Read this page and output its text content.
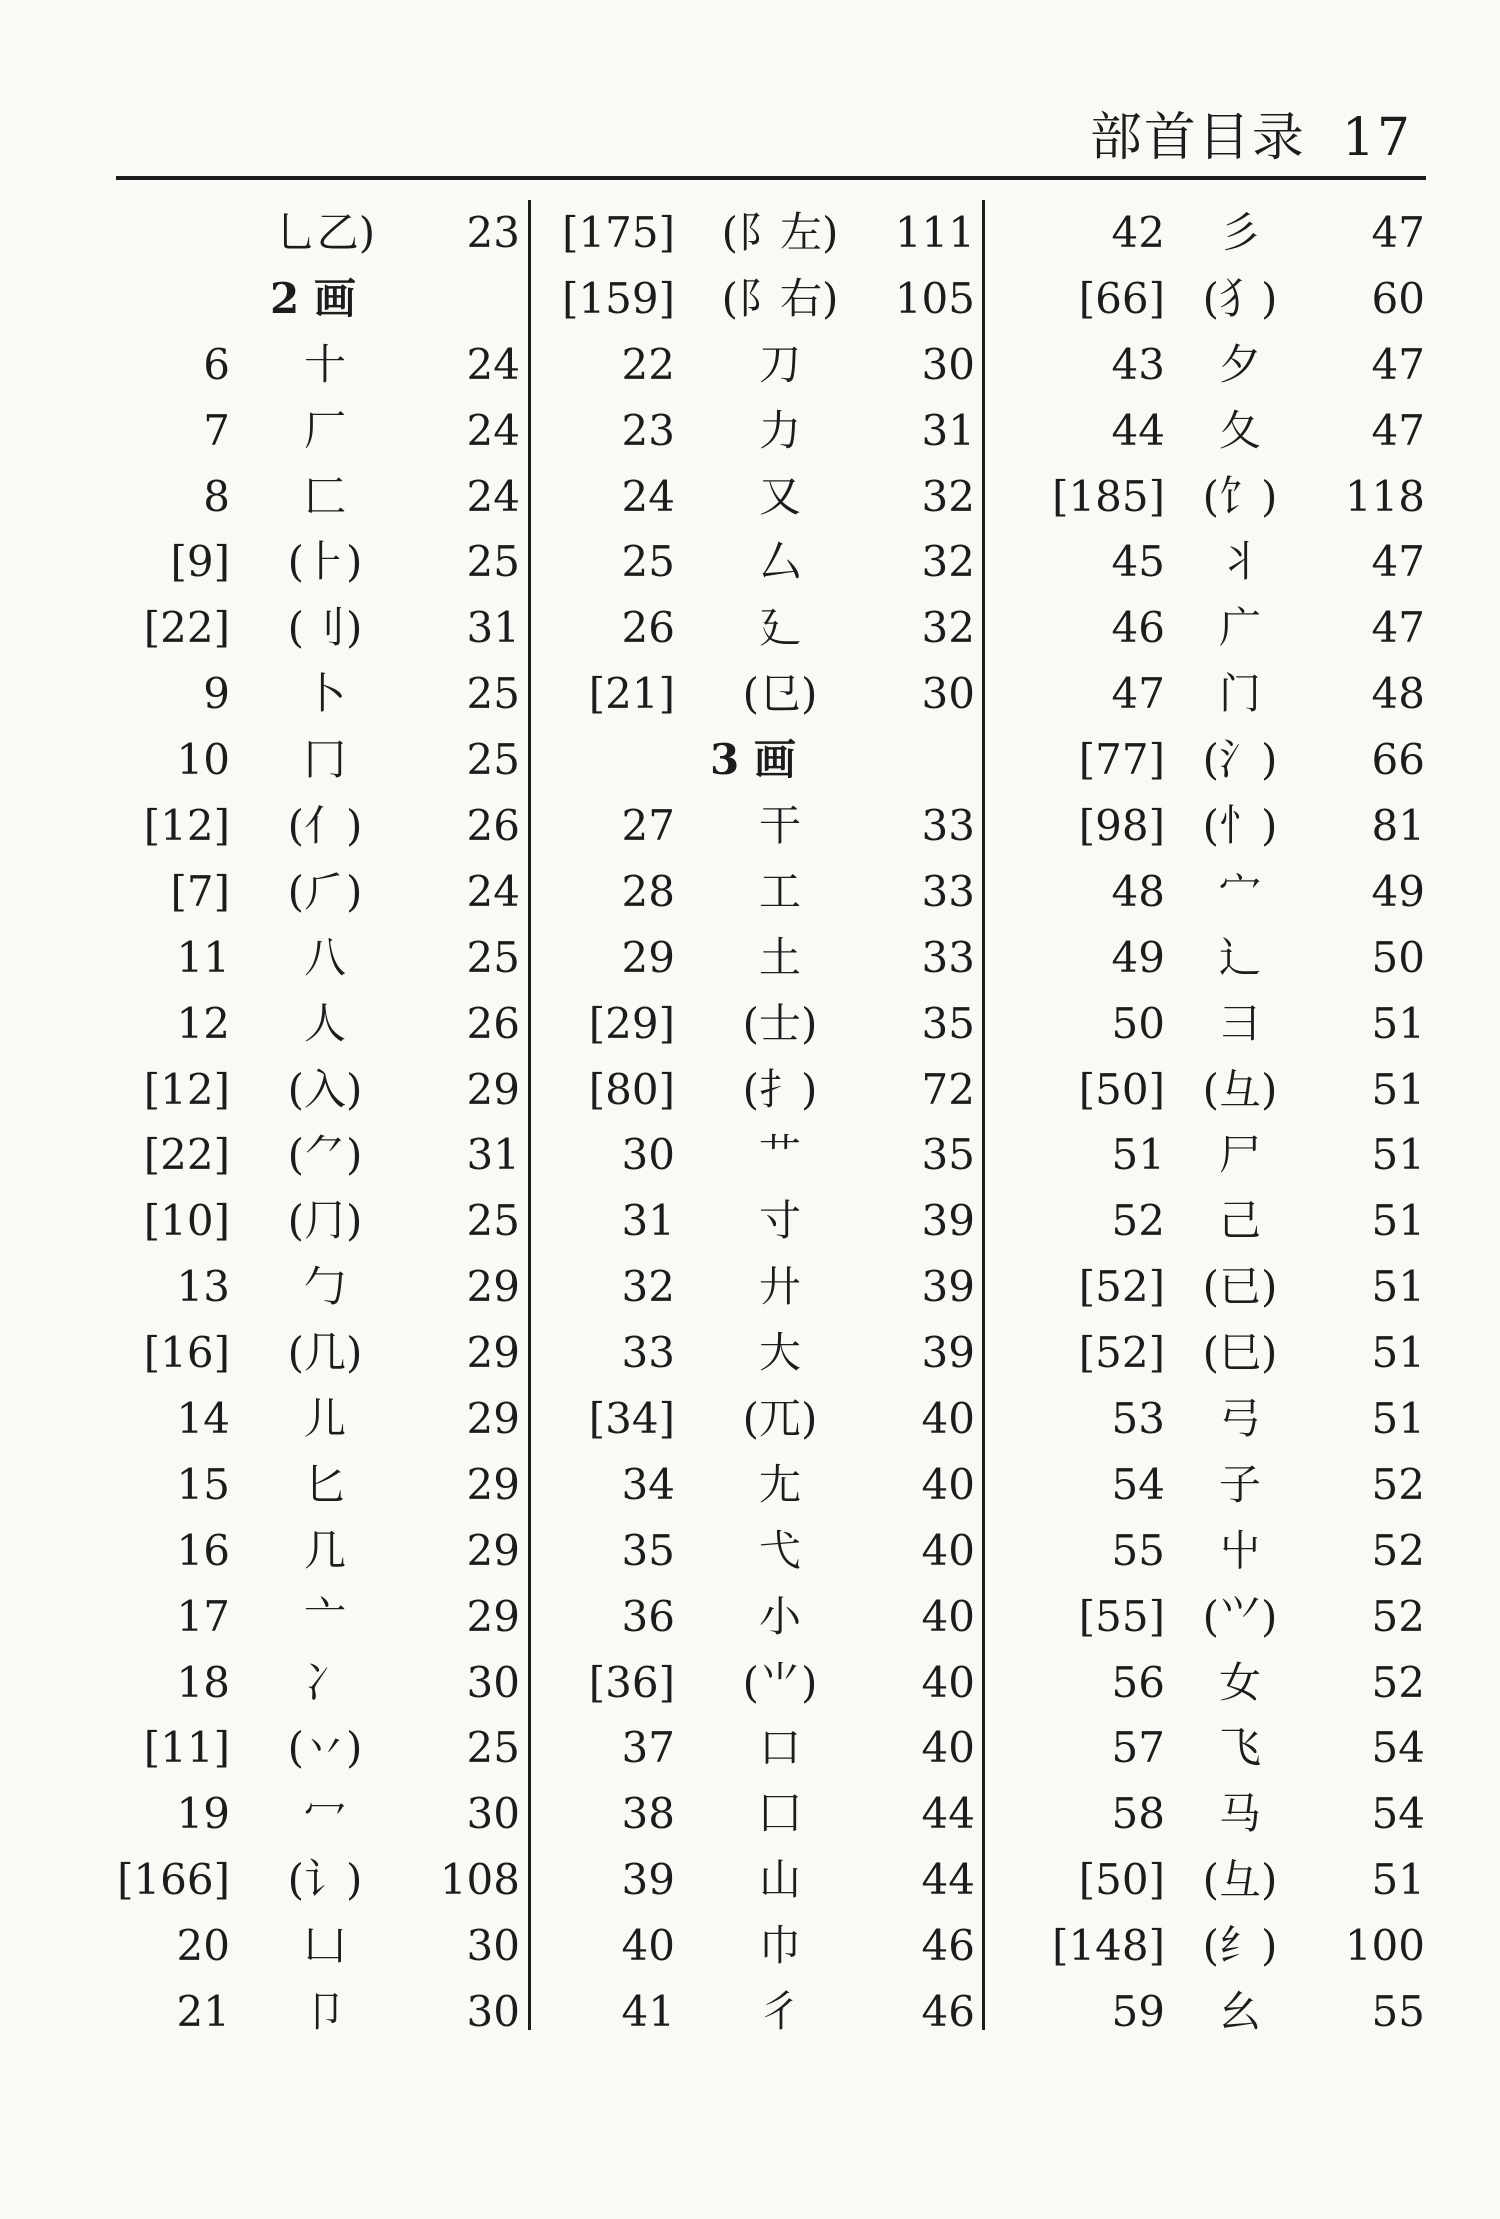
部首目录 17
乚乙)	23
2 画
6	十	24
7	厂	24
8	匚	24
[9]	(⺊)	25
[22]	(刂)	31
9	卜	25
10	冂	25
[12]	(亻)	26
[7]	(⺁)	24
11	八	25
12	人	26
[12]	(入)	29
[22]	(⺈)	31
[10]	(⺆)	25
13	勹	29
[16]	(几)	29
14	儿	29
15	匕	29
16	几	29
17	亠	29
18	冫	30
[11]	(丷)	25
19	冖	30
[166]	(讠)	108
20	凵	30
21	卩	30
[175]	(阝左)	111
[159]	(阝右)	105
22	刀	30
23	力	31
24	又	32
25	厶	32
26	廴	32
[21]	(㔾)	30
3 画
27	干	33
28	工	33
29	土	33
[29]	(士)	35
[80]	(扌)	72
30	艹	35
31	寸	39
32	廾	39
33	大	39
[34]	(兀)	40
34	尢	40
35	弋	40
36	小	40
[36]	(⺌)	40
37	口	40
38	囗	44
39	山	44
40	巾	46
41	彳	46
42	彡	47
[66] (犭)	60
43	夕	47
44	夂	47
[185] (饣)	118
45	丬	47
46	广	47
47	门	48
[77] (氵)	66
[98] (忄)	81
48	宀	49
49	辶	50
50	彐	51
[50] (彑)	51
51	尸	51
52	己	51
[52] (已)	51
[52] (巳)	51
53	弓	51
54	子	52
55	屮	52
[55] (⺍)	52
56	女	52
57	飞	54
58	马	54
[50] (彑)	51
[148] (纟)	100
59	幺	55
